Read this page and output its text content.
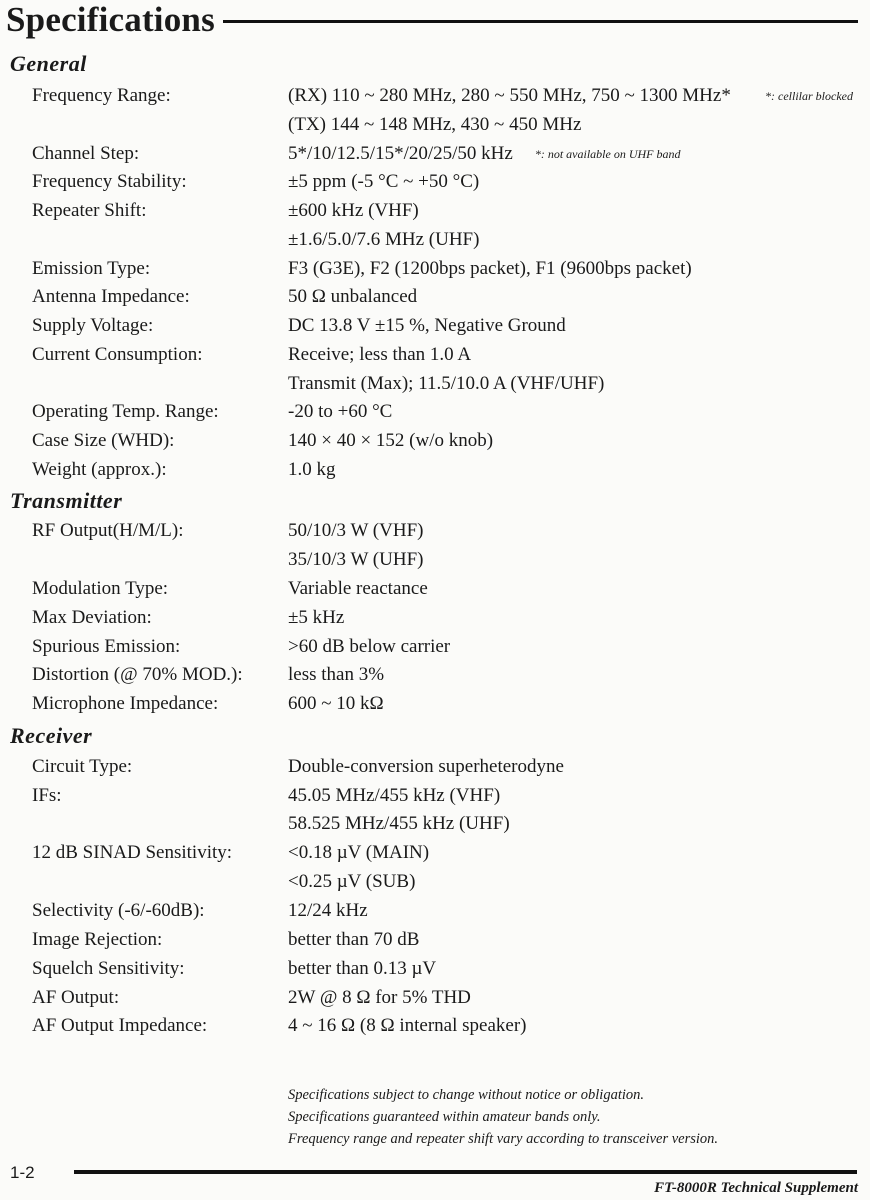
Specifications
General
Frequency Range:	(RX) 110 ~ 280 MHz, 280 ~ 550 MHz, 750 ~ 1300 MHz*	*: cellilar blocked
(TX) 144 ~ 148 MHz, 430 ~ 450 MHz
Channel Step:	5*/10/12.5/15*/20/25/50 kHz *: not available on UHF band
Frequency Stability:	±5 ppm (-5 °C ~ +50 °C)
Repeater Shift:	±600 kHz (VHF)
±1.6/5.0/7.6 MHz (UHF)
Emission Type:	F3 (G3E), F2 (1200bps packet), F1 (9600bps packet)
Antenna Impedance:	50 Ω unbalanced
Supply Voltage:	DC 13.8 V ±15 %, Negative Ground
Current Consumption:	Receive; less than 1.0 A
Transmit (Max); 11.5/10.0 A (VHF/UHF)
Operating Temp. Range:	-20 to +60 °C
Case Size (WHD):	140 × 40 × 152 (w/o knob)
Weight (approx.):	1.0 kg
Transmitter
RF Output(H/M/L):	50/10/3 W (VHF)
35/10/3 W (UHF)
Modulation Type:	Variable reactance
Max Deviation:	±5 kHz
Spurious Emission:	>60 dB below carrier
Distortion (@ 70% MOD.): less than 3%
Microphone Impedance:	600 ~ 10 kΩ
Receiver
Circuit Type:	Double-conversion superheterodyne
IFs:	45.05 MHz/455 kHz (VHF)
58.525 MHz/455 kHz (UHF)
12 dB SINAD Sensitivity:	<0.18 µV (MAIN)
<0.25 µV (SUB)
Selectivity (-6/-60dB):	12/24 kHz
Image Rejection:	better than 70 dB
Squelch Sensitivity:	better than 0.13 µV
AF Output:	2W @ 8 Ω for 5% THD
AF Output Impedance:	4 ~ 16 Ω (8 Ω internal speaker)
Specifications subject to change without notice or obligation.
Specifications guaranteed within amateur bands only.
Frequency range and repeater shift vary according to transceiver version.
1-2
FT-8000R Technical Supplement
